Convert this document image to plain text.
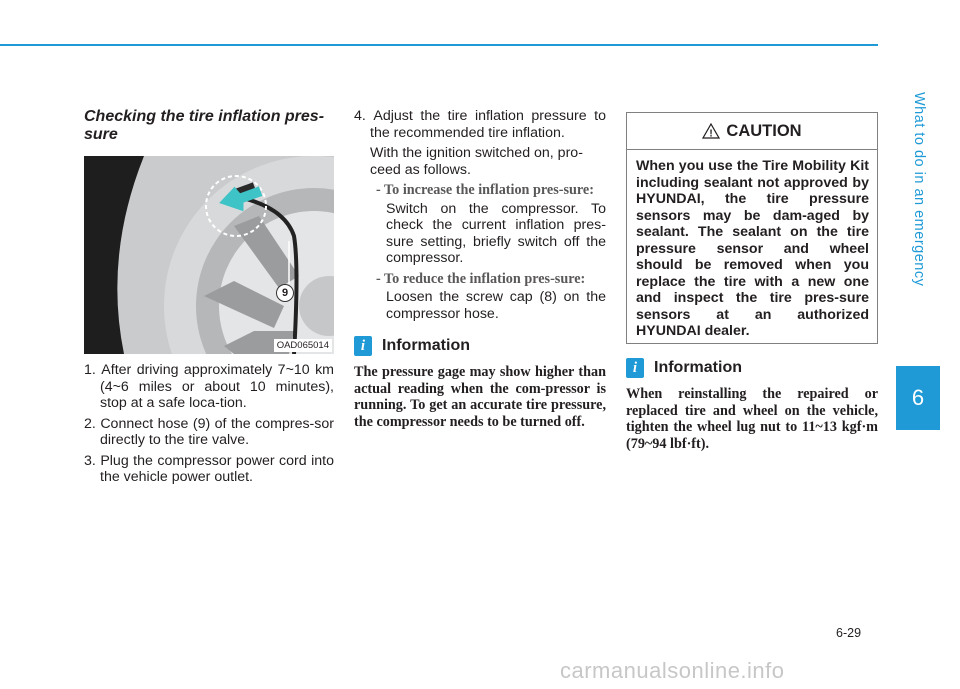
What to do in an emergency
6
Checking the tire inflation pres-sure
9
OAD065014
1. After driving approximately 7~10 km (4~6 miles or about 10 minutes), stop at a safe loca-tion.
2. Connect hose (9) of the compres-sor directly to the tire valve.
3. Plug the compressor power cord into the vehicle power outlet.
4. Adjust the tire inflation pressure to the recommended tire inflation.

With the ignition switched on, pro-ceed as follows.

- To increase the inflation pres-sure:

Switch on the compressor. To check the current inflation pres-sure setting, briefly switch off the compressor.

- To reduce the inflation pres-sure:

Loosen the screw cap (8) on the compressor hose.

i	Information

The pressure gage may show higher than actual reading when the com-pressor is running. To get an accurate tire pressure, the compressor needs to be turned off.

! CAUTION
When you use the Tire Mobility Kit including sealant not approved by HYUNDAI, the tire pressure sensors may be dam-aged by sealant. The sealant on the tire pressure sensor and wheel should be removed when you replace the tire with a new one and inspect the tire pres-sure sensors at an authorized HYUNDAI dealer.
i	Information

When reinstalling the repaired or replaced tire and wheel on the vehicle, tighten the wheel lug nut to 11~13 kgf·m (79~94 lbf·ft).

6-29
carmanualsonline.info
